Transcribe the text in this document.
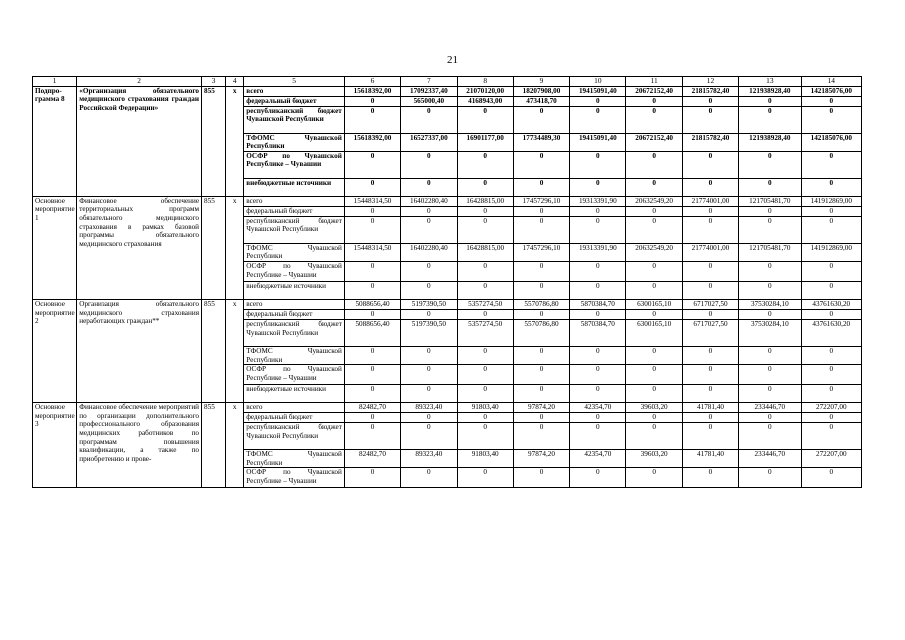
21
1	2	3	4	5	6	7	8	9	10	11	12	13	14
Подпро-грамма 8	«Организация обязательного медицинского страхования граждан Российской Федерации»	855	x	всего	15618392,00	17092337,40	21070120,00	18207908,00	19415091,40	20672152,40	21815782,40	121938928,40	142185076,00
				федеральный бюджет	0	565000,40	4168943,00	473418,70	0	0	0	0	0
				республиканский бюджет Чувашской Республики	0	0	0	0	0	0	0	0	0
				ТФОМС Чувашской Республики	15618392,00	16527337,00	16901177,00	17734489,30	19415091,40	20672152,40	21815782,40	121938928,40	142185076,00
				ОСФР по Чувашской Республике – Чувашии	0	0	0	0	0	0	0	0	0
				внебюджетные источники	0	0	0	0	0	0	0	0	0
Основное мероприятие 1	Финансовое обеспечение территориальных программ обязательного медицинского страхования в рамках базовой программы обязательного медицинского страхования	855	x	всего	15448314,50	16402280,40	16428815,00	17457296,10	19313391,90	20632549,20	21774001,00	121705481,70	141912869,00
				федеральный бюджет	0	0	0	0	0	0	0	0	0
				республиканский бюджет Чувашской Республики	0	0	0	0	0	0	0	0	0
				ТФОМС Чувашской Республики	15448314,50	16402280,40	16428815,00	17457296,10	19313391,90	20632549,20	21774001,00	121705481,70	141912869,00
				ОСФР по Чувашской Республике – Чувашии	0	0	0	0	0	0	0	0	0
				внебюджетные источники	0	0	0	0	0	0	0	0	0
Основное мероприятие 2	Организация обязательного медицинского страхования неработающих граждан**	855	x	всего	5088656,40	5197390,50	5357274,50	5570786,80	5870384,70	6300165,10	6717027,50	37530284,10	43761630,20
				федеральный бюджет	0	0	0	0	0	0	0	0	0
				республиканский бюджет Чувашской Республики	5088656,40	5197390,50	5357274,50	5570786,80	5870384,70	6300165,10	6717027,50	37530284,10	43761630,20
				ТФОМС Чувашской Республики	0	0	0	0	0	0	0	0	0
				ОСФР по Чувашской Республике – Чувашии	0	0	0	0	0	0	0	0	0
				внебюджетные источники	0	0	0	0	0	0	0	0	0
Основное мероприятие 3	Финансовое обеспечение мероприятий по организации дополнительного профессионального образования медицинских работников по программам повышения квалификации, а также по приобретению и прове-	855	x	всего	82482,70	89323,40	91803,40	97874,20	42354,70	39603,20	41781,40	233446,70	272207,00
				федеральный бюджет	0	0	0	0	0	0	0	0	0
				республиканский бюджет Чувашской Республики	0	0	0	0	0	0	0	0	0
				ТФОМС Чувашской Республики	82482,70	89323,40	91803,40	97874,20	42354,70	39603,20	41781,40	233446,70	272207,00
				ОСФР по Чувашской Республике – Чувашии	0	0	0	0	0	0	0	0	0
